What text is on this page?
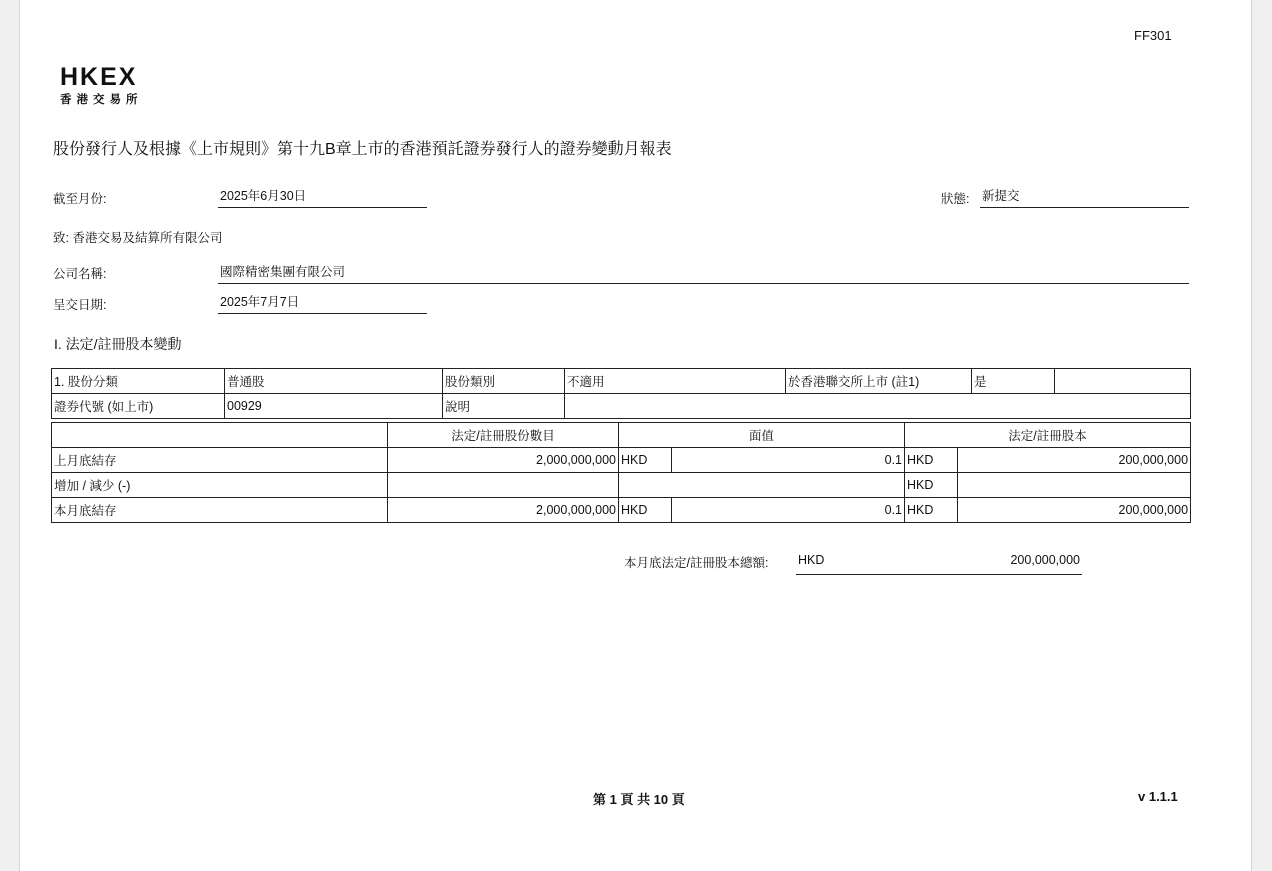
FF301
HKEX
香港交易所
股份發行人及根據《上市規則》第十九B章上市的香港預託證券發行人的證券變動月報表
截至月份:	2025年6月30日	狀態: 新提交
致: 香港交易及結算所有限公司
公司名稱:	國際精密集團有限公司
呈交日期:	2025年7月7日
I. 法定/註冊股本變動
1. 股份分類	普通股	股份類別	不適用	於香港聯交所上市 (註1)	是	
證券代號 (如上市)	00929	說明				
	法定/註冊股份數目	面值		法定/註冊股本	
上月底結存	2,000,000,000	HKD	0.1	HKD	200,000,000
增加 / 減少 (-)				HKD	
本月底結存	2,000,000,000	HKD	0.1	HKD	200,000,000
本月底法定/註冊股本總額: HKD	200,000,000
第 1 頁 共 10 頁	v 1.1.1
